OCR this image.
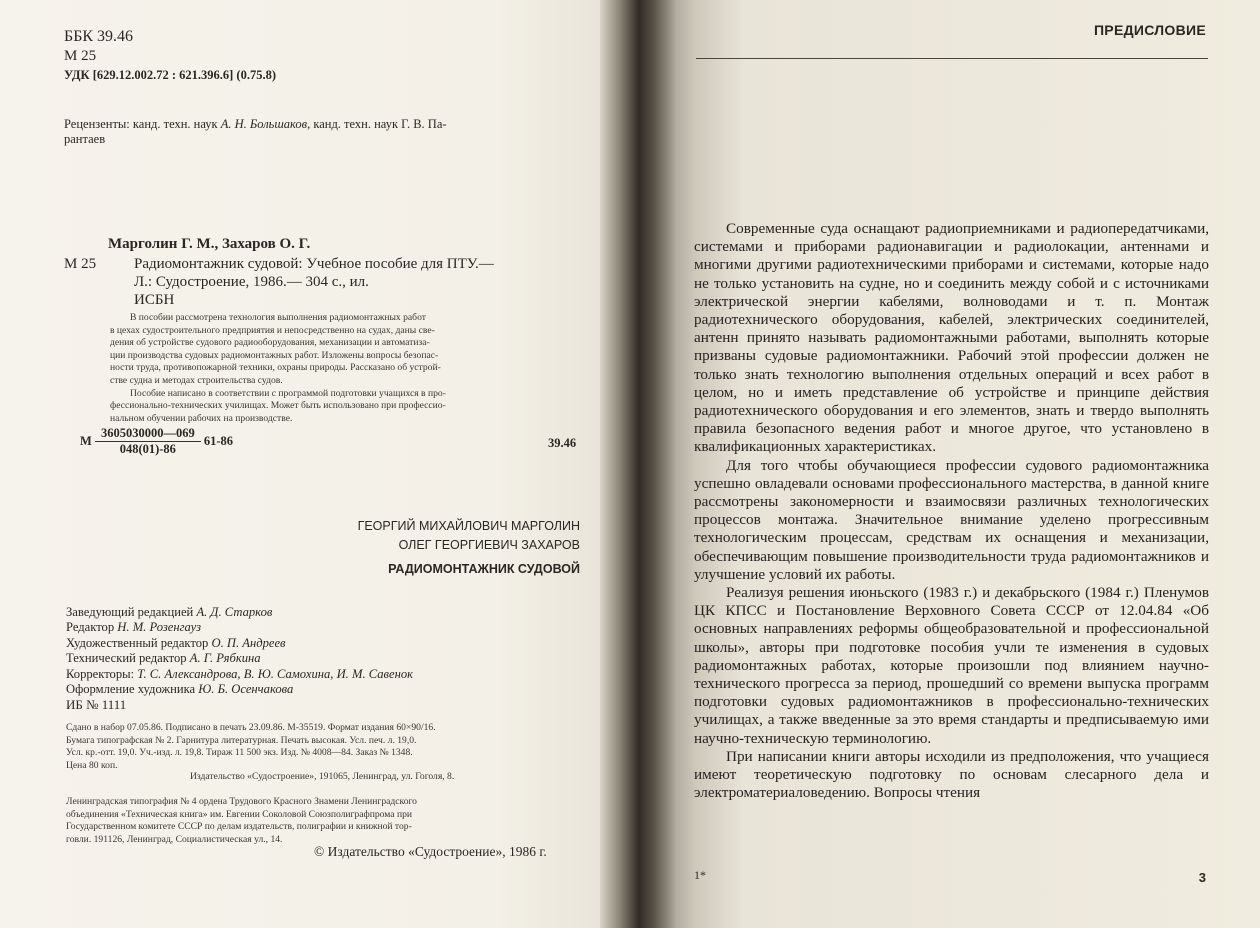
ББК 39.46
М 25
УДК [629.12.002.72 : 621.396.6] (0.75.8)
Рецензенты: канд. техн. наук А. Н. Большаков, канд. техн. наук Г. В. Па-
рантаев
Марголин Г. М., Захаров О. Г.
М 25	Радиомонтажник судовой: Учебное пособие для ПТУ.—
Л.: Судостроение, 1986.— 304 с., ил.
ИСБН
В пособии рассмотрена технология выполнения радиомонтажных работ
в цехах судостроительного предприятия и непосредственно на судах, даны све-
дения об устройстве судового радиооборудования, механизации и автоматиза-
ции производства судовых радиомонтажных работ. Изложены вопросы безопас-
ности труда, противопожарной техники, охраны природы. Рассказано об устрой-
стве судна и методах строительства судов.
Пособие написано в соответствии с программой подготовки учащихся в про-
фессионально-технических училищах. Может быть использовано при профессио-
нальном обучении рабочих на производстве.
М $\frac{3605030000—069}{048(01)-86} 61-86$	39.46
ГЕОРГИЙ МИХАЙЛОВИЧ МАРГОЛИН
ОЛЕГ ГЕОРГИЕВИЧ ЗАХАРОВ
РАДИОМОНТАЖНИК СУДОВОЙ
Заведующий редакцией А. Д. Старков
Редактор Н. М. Розенгауз
Художественный редактор О. П. Андреев
Технический редактор А. Г. Рябкина
Корректоры: Т. С. Александрова, В. Ю. Самохина, И. М. Савенок
Оформление художника Ю. Б. Осенчакова
ИБ № 1111
Сдано в набор 07.05.86. Подписано в печать 23.09.86. М-35519. Формат издания 60×90/16.
Бумага типографская № 2. Гарнитура литературная. Печать высокая. Усл. печ. л. 19,0.
Усл. кр.-отт. 19,0. Уч.-изд. л. 19,8. Тираж 11 500 экз. Изд. № 4008—84. Заказ № 1348.
Цена 80 коп.
Издательство «Судостроение», 191065, Ленинград, ул. Гоголя, 8.
Ленинградская типография № 4 ордена Трудового Красного Знамени Ленинградского
объединения «Техническая книга» им. Евгении Соколовой Союзполиграфпрома при
Государственном комитете СССР по делам издательств, полиграфии и книжной тор-
говли. 191126, Ленинград, Социалистическая ул., 14.
© Издательство «Судостроение», 1986 г.
ПРЕДИСЛОВИЕ

Современные суда оснащают радиоприемниками и радиопередатчиками, системами и приборами радионавигации и радиолокации, антеннами и многими другими радиотехническими приборами и системами, которые надо не только установить на судне, но и соединить между собой и с источниками электрической энергии кабелями, волноводами и т. п. Монтаж радиотехнического оборудования, кабелей, электрических соединителей, антенн принято называть радиомонтажными работами, выполнять которые призваны судовые радиомонтажники. Рабочий этой профессии должен не только знать технологию выполнения отдельных операций и всех работ в целом, но и иметь представление об устройстве и принципе действия радиотехнического оборудования и его элементов, знать и твердо выполнять правила безопасного ведения работ и многое другое, что установлено в квалификационных характеристиках.

Для того чтобы обучающиеся профессии судового радиомонтажника успешно овладевали основами профессионального мастерства, в данной книге рассмотрены закономерности и взаимосвязи различных технологических процессов монтажа. Значительное внимание уделено прогрессивным технологическим процессам, средствам их оснащения и механизации, обеспечивающим повышение производительности труда радиомонтажников и улучшение условий их работы.

Реализуя решения июньского (1983 г.) и декабрьского (1984 г.) Пленумов ЦК КПСС и Постановление Верховного Совета СССР от 12.04.84 «Об основных направлениях реформы общеобразовательной и профессиональной школы», авторы при подготовке пособия учли те изменения в судовых радиомонтажных работах, которые произошли под влиянием научно-технического прогресса за период, прошедший со времени выпуска программ подготовки судовых радиомонтажников в профессионально-технических училищах, а также введенные за это время стандарты и предписываемую ими научно-техническую терминологию.

При написании книги авторы исходили из предположения, что учащиеся имеют теоретическую подготовку по основам слесарного дела и электроматериаловедению. Вопросы чтения

1*	3
